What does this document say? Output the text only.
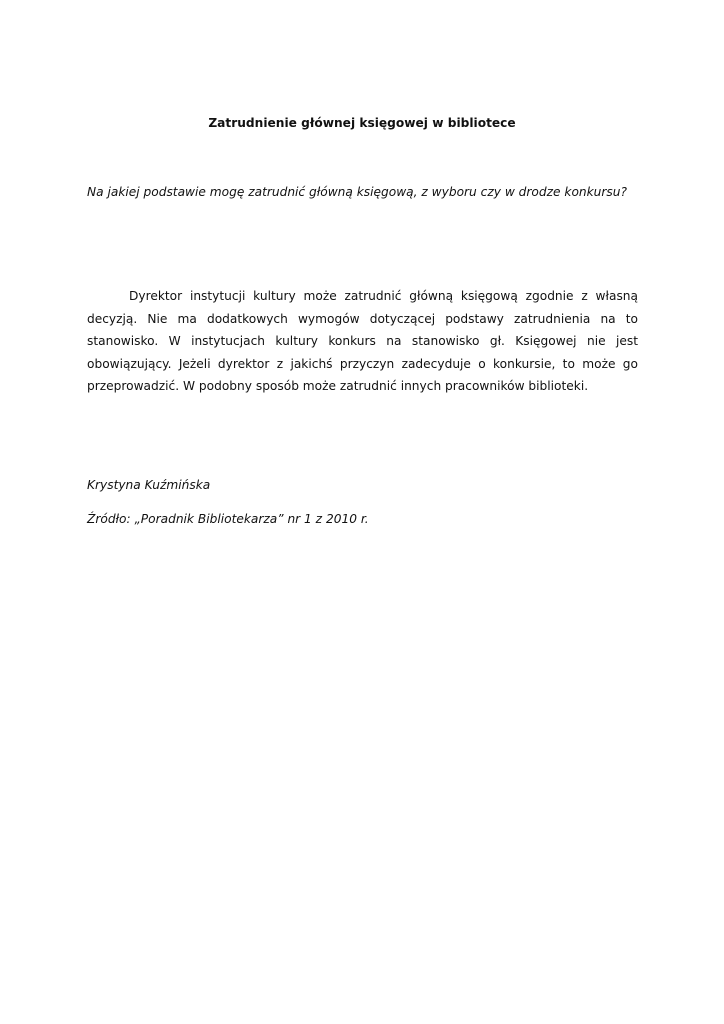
Zatrudnienie głównej księgowej w bibliotece
Na jakiej podstawie mogę zatrudnić główną księgową, z wyboru czy w drodze konkursu?

Dyrektor instytucji kultury może zatrudnić główną księgową zgodnie z własną decyzją. Nie ma dodatkowych wymogów dotyczącej podstawy zatrudnienia na to stanowisko. W instytucjach kultury konkurs na stanowisko gł. Księgowej nie jest obowiązujący. Jeżeli dyrektor z jakichś przyczyn zadecyduje o konkursie, to może go przeprowadzić. W podobny sposób może zatrudnić innych pracowników biblioteki.

Krystyna Kuźmińska
Źródło: „Poradnik Bibliotekarza” nr 1 z 2010 r.
